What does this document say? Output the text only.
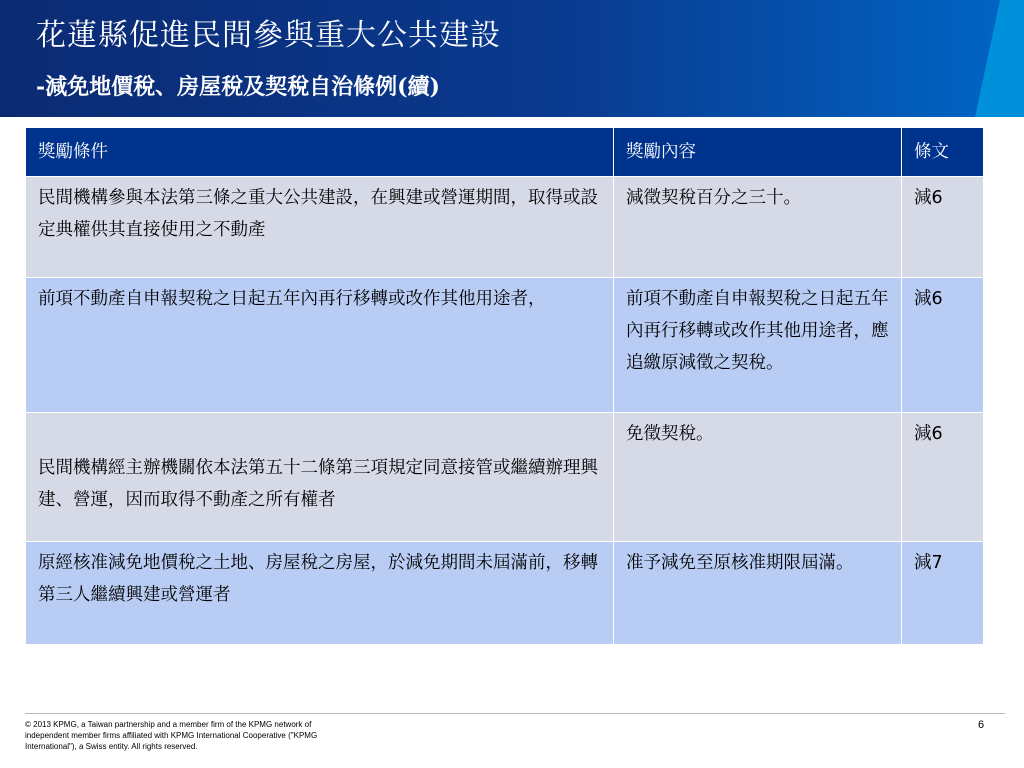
花蓮縣促進民間參與重大公共建設
-減免地價稅、房屋稅及契稅自治條例(續)
獎勵條件	獎勵內容	條文
民間機構參與本法第三條之重大公共建設，在興建或營運期間，取得或設定典權供其直接使用之不動產	減徵契稅百分之三十。	減6
前項不動產自申報契稅之日起五年內再行移轉或改作其他用途者，	前項不動產自申報契稅之日起五年內再行移轉或改作其他用途者，應追繳原減徵之契稅。	減6

民間機構經主辦機關依本法第五十二條第三項規定同意接管或繼續辦理興建、營運，因而取得不動產之所有權者	免徵契稅。	減6

原經核准減免地價稅之土地、房屋稅之房屋，於減免期間未屆滿前，移轉
第三人繼續興建或營運者	准予減免至原核准期限屆滿。	減7
© 2013 KPMG, a Taiwan partnership and a member firm of the KPMG network of independent member firms affiliated with KPMG International Cooperative ("KPMG International"), a Swiss entity. All rights reserved.
6
